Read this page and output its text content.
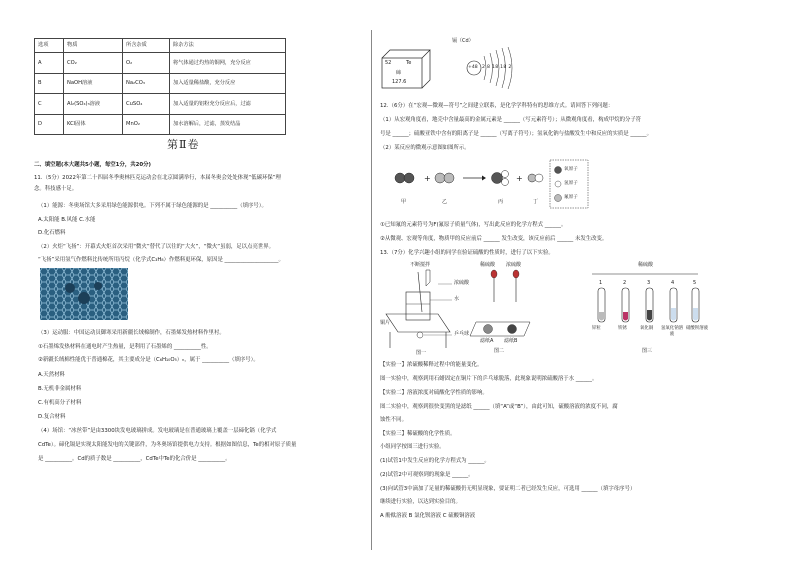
选项	物质	所含杂质	除杂方法
A	CO₂	O₂	将气体通过灼热的铜网，充分反应
B	NaOH溶液	Na₂CO₃	加入适量稀盐酸，充分反应
C	Al₂(SO₄)₃溶液	CuSO₄	加入适量的铝粉充分反应后，过滤
D	KCl固体	MnO₂	加水溶解后，过滤，蒸发结晶
第Ⅱ卷
二、填空题(本大题共5小题，每空1分，共20分)
11.（5分）2022年第二十四届冬季奥林匹克运动会在北京圆满举行，本届冬奥会处处体现“低碳环保”理
念。科技感十足。
（1）能源：冬奥场馆大多采用绿色能源供电。下列不属于绿色能源的是 __________（填序号）。
A.太阳能 B.风能 C.水能
D.化石燃料
（2）火炬“飞扬”：开幕式火炬首次采用“微火”替代了以往的“大火”，“微火”虽弱，足以点亮世界。
“飞扬”采用氢气作燃料比传统所用丙烷（化学式C₃H₈）作燃料更环保，原因是 ____________________。
（3）运动服：中国运动员御寒采用新疆长绒棉制作，石墨烯发热材料作里衬。
①石墨烯发热材料在通电时产生热量，是利用了石墨烯的 __________性。
②新疆长绒棉性能优于普通棉花，其主要成分是（C₆H₁₀O₅）ₙ，属于 __________（填序号）。
A.天然材料
B.无机非金属材料
C.有机高分子材料
D.复合材料
（4）场馆：“冰丝带”是由3300块发电玻璃拼成。发电玻璃是在普通玻璃上覆盖一层碲化镉（化学式
CdTe）。碲化镉是实现太阳能发电的关键部件，为冬奥场馆提供电力支持。根据如图信息，Te的相对原子质量
是 __________。Cd的质子数是 __________，CdTe中Te的化合价是 __________。
镉（Cd）
52	Te
碲
127.6
+48 2 8 18 18 2
12.（6分）在“宏观—微观—符号”之间建立联系，是化学学科特有的思维方式。请回答下列问题：
（1）从宏观角度看，地壳中含量最高的金属元素是 ______（写元素符号）；从微观角度看，构成甲烷的分子符
号是 ______；硫酸亚铁中含有的阳离子是 ______（写离子符号）；氢氧化钠与盐酸发生中和反应的实质是 ______。
（2）某反应的微观示意图如图所示。
+	+
甲	乙	丙	丁
氧原子
氢原子
氟原子
①已知氟的元素符号为F(氟原子质量气体)，写出此反应的化学方程式 ______。
②从微观、宏观等角度，物质甲的反应前后 ______ 发生改变，该反应前后 ______ 未发生改变。
13.（7分）化学兴趣小组的同学在验证硫酸的性质时，进行了以下实验。
不断搅拌
浓硫酸
水
乒乓球
铜片
稀硫酸 浓硫酸
滤纸A 滤纸B
图一	图二
稀硫酸
1	2	3	4	5
锌粒	铁锈	氧化铜 氢氧化钠溶液
硝酸钡溶液
图三
【实验一】浓硫酸稀释过程中的能量变化。
图一实验中，观察到用石蜡固定在铜片下的乒乓球脱落，此现象说明浓硫酸溶于水 ______。
【实验二】溶液浓度对硫酸化学性质的影响。
图二实验中，观察到很快变黑的是滤纸 ______（填“A”或“B”），由此可知，硫酸溶液的浓度不同，腐
蚀性不同。
【实验三】稀硫酸的化学性质。
小组同学按图三进行实验。
(1)试管1中发生反应的化学方程式为 ______。
(2)试管2中可观察到的现象是 ______。
(3)向试管3中滴加了足量的稀硫酸仍无明显现象，要证明二者已经发生反应，可选用 ______（填字母序号）
继续进行实验，以达到实验目的。
A 酚酞溶液 B 氯化钡溶液 C 硫酸铜溶液
